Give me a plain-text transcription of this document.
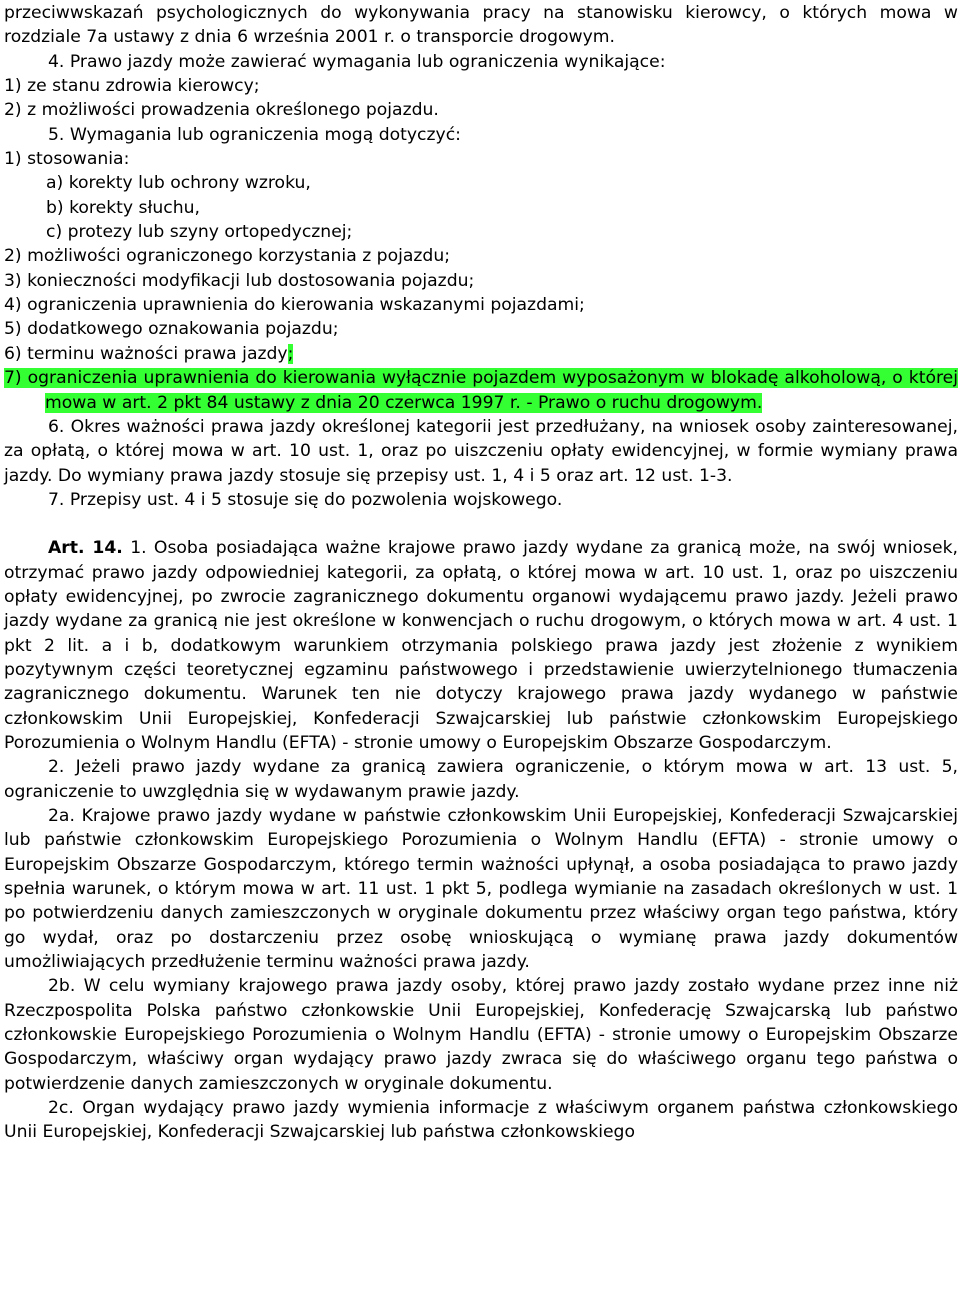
przeciwwskazań psychologicznych do wykonywania pracy na stanowisku kierowcy, o których mowa w rozdziale 7a ustawy z dnia 6 września 2001 r. o transporcie drogowym.

4. Prawo jazdy może zawierać wymagania lub ograniczenia wynikające:

1) ze stanu zdrowia kierowcy;

2) z możliwości prowadzenia określonego pojazdu.

5. Wymagania lub ograniczenia mogą dotyczyć:

1) stosowania:

a) korekty lub ochrony wzroku,

b) korekty słuchu,

c) protezy lub szyny ortopedycznej;

2) możliwości ograniczonego korzystania z pojazdu;

3) konieczności modyfikacji lub dostosowania pojazdu;

4) ograniczenia uprawnienia do kierowania wskazanymi pojazdami;

5) dodatkowego oznakowania pojazdu;

6) terminu ważności prawa jazdy;

7) ograniczenia uprawnienia do kierowania wyłącznie pojazdem wyposażonym w blokadę alkoholową, o której mowa w art. 2 pkt 84 ustawy z dnia 20 czerwca 1997 r. - Prawo o ruchu drogowym.

6. Okres ważności prawa jazdy określonej kategorii jest przedłużany, na wniosek osoby zainteresowanej, za opłatą, o której mowa w art. 10 ust. 1, oraz po uiszczeniu opłaty ewidencyjnej, w formie wymiany prawa jazdy. Do wymiany prawa jazdy stosuje się przepisy ust. 1, 4 i 5 oraz art. 12 ust. 1-3.

7. Przepisy ust. 4 i 5 stosuje się do pozwolenia wojskowego.

Art. 14. 1. Osoba posiadająca ważne krajowe prawo jazdy wydane za granicą może, na swój wniosek, otrzymać prawo jazdy odpowiedniej kategorii, za opłatą, o której mowa w art. 10 ust. 1, oraz po uiszczeniu opłaty ewidencyjnej, po zwrocie zagranicznego dokumentu organowi wydającemu prawo jazdy. Jeżeli prawo jazdy wydane za granicą nie jest określone w konwencjach o ruchu drogowym, o których mowa w art. 4 ust. 1 pkt 2 lit. a i b, dodatkowym warunkiem otrzymania polskiego prawa jazdy jest złożenie z wynikiem pozytywnym części teoretycznej egzaminu państwowego i przedstawienie uwierzytelnionego tłumaczenia zagranicznego dokumentu. Warunek ten nie dotyczy krajowego prawa jazdy wydanego w państwie członkowskim Unii Europejskiej, Konfederacji Szwajcarskiej lub państwie członkowskim Europejskiego Porozumienia o Wolnym Handlu (EFTA) - stronie umowy o Europejskim Obszarze Gospodarczym.

2. Jeżeli prawo jazdy wydane za granicą zawiera ograniczenie, o którym mowa w art. 13 ust. 5, ograniczenie to uwzględnia się w wydawanym prawie jazdy.

2a. Krajowe prawo jazdy wydane w państwie członkowskim Unii Europejskiej, Konfederacji Szwajcarskiej lub państwie członkowskim Europejskiego Porozumienia o Wolnym Handlu (EFTA) - stronie umowy o Europejskim Obszarze Gospodarczym, którego termin ważności upłynął, a osoba posiadająca to prawo jazdy spełnia warunek, o którym mowa w art. 11 ust. 1 pkt 5, podlega wymianie na zasadach określonych w ust. 1 po potwierdzeniu danych zamieszczonych w oryginale dokumentu przez właściwy organ tego państwa, który go wydał, oraz po dostarczeniu przez osobę wnioskującą o wymianę prawa jazdy dokumentów umożliwiających przedłużenie terminu ważności prawa jazdy.

2b. W celu wymiany krajowego prawa jazdy osoby, której prawo jazdy zostało wydane przez inne niż Rzeczpospolita Polska państwo członkowskie Unii Europejskiej, Konfederację Szwajcarską lub państwo członkowskie Europejskiego Porozumienia o Wolnym Handlu (EFTA) - stronie umowy o Europejskim Obszarze Gospodarczym, właściwy organ wydający prawo jazdy zwraca się do właściwego organu tego państwa o potwierdzenie danych zamieszczonych w oryginale dokumentu.

2c. Organ wydający prawo jazdy wymienia informacje z właściwym organem państwa członkowskiego Unii Europejskiej, Konfederacji Szwajcarskiej lub państwa członkowskiego
